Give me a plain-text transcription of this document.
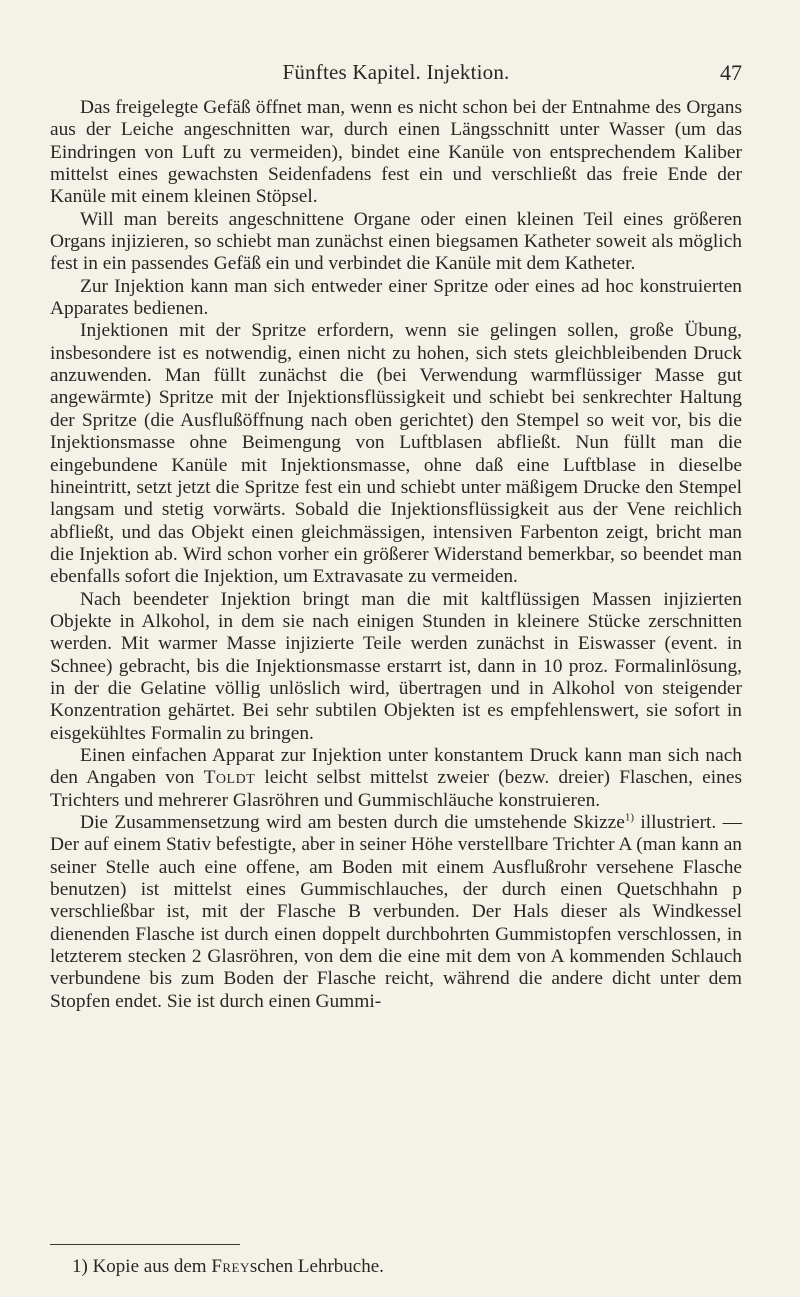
Fünftes Kapitel. Injektion.	47

Das freigelegte Gefäß öffnet man, wenn es nicht schon bei der Entnahme des Organs aus der Leiche angeschnitten war, durch einen Längsschnitt unter Wasser (um das Eindringen von Luft zu vermeiden), bindet eine Kanüle von entsprechendem Kaliber mittelst eines gewachsten Seidenfadens fest ein und verschließt das freie Ende der Kanüle mit einem kleinen Stöpsel.

Will man bereits angeschnittene Organe oder einen kleinen Teil eines größeren Organs injizieren, so schiebt man zunächst einen biegsamen Katheter soweit als möglich fest in ein passendes Gefäß ein und verbindet die Kanüle mit dem Katheter.

Zur Injektion kann man sich entweder einer Spritze oder eines ad hoc konstruierten Apparates bedienen.

Injektionen mit der Spritze erfordern, wenn sie gelingen sollen, große Übung, insbesondere ist es notwendig, einen nicht zu hohen, sich stets gleichbleibenden Druck anzuwenden. Man füllt zunächst die (bei Verwendung warmflüssiger Masse gut angewärmte) Spritze mit der Injektionsflüssigkeit und schiebt bei senkrechter Haltung der Spritze (die Ausflußöffnung nach oben gerichtet) den Stempel so weit vor, bis die Injektionsmasse ohne Beimengung von Luftblasen abfließt. Nun füllt man die eingebundene Kanüle mit Injektionsmasse, ohne daß eine Luftblase in dieselbe hineintritt, setzt jetzt die Spritze fest ein und schiebt unter mäßigem Drucke den Stempel langsam und stetig vorwärts. Sobald die Injektionsflüssigkeit aus der Vene reichlich abfließt, und das Objekt einen gleichmässigen, intensiven Farbenton zeigt, bricht man die Injektion ab. Wird schon vorher ein größerer Widerstand bemerkbar, so beendet man ebenfalls sofort die Injektion, um Extravasate zu vermeiden.

Nach beendeter Injektion bringt man die mit kaltflüssigen Massen injizierten Objekte in Alkohol, in dem sie nach einigen Stunden in kleinere Stücke zerschnitten werden. Mit warmer Masse injizierte Teile werden zunächst in Eiswasser (event. in Schnee) gebracht, bis die Injektionsmasse erstarrt ist, dann in 10 proz. Formalinlösung, in der die Gelatine völlig unlöslich wird, übertragen und in Alkohol von steigender Konzentration gehärtet. Bei sehr subtilen Objekten ist es empfehlenswert, sie sofort in eisgekühltes Formalin zu bringen.

Einen einfachen Apparat zur Injektion unter konstantem Druck kann man sich nach den Angaben von Toldt leicht selbst mittelst zweier (bezw. dreier) Flaschen, eines Trichters und mehrerer Glasröhren und Gummischläuche konstruieren.

Die Zusammensetzung wird am besten durch die umstehende Skizze$^{1)}$ illustriert. — Der auf einem Stativ befestigte, aber in seiner Höhe verstellbare Trichter A (man kann an seiner Stelle auch eine offene, am Boden mit einem Ausflußrohr versehene Flasche benutzen) ist mittelst eines Gummischlauches, der durch einen Quetschhahn p verschließbar ist, mit der Flasche B verbunden. Der Hals dieser als Windkessel dienenden Flasche ist durch einen doppelt durchbohrten Gummistopfen verschlossen, in letzterem stecken 2 Glasröhren, von dem die eine mit dem von A kommenden Schlauch verbundene bis zum Boden der Flasche reicht, während die andere dicht unter dem Stopfen endet. Sie ist durch einen Gummi-

1) Kopie aus dem Freyschen Lehrbuche.
